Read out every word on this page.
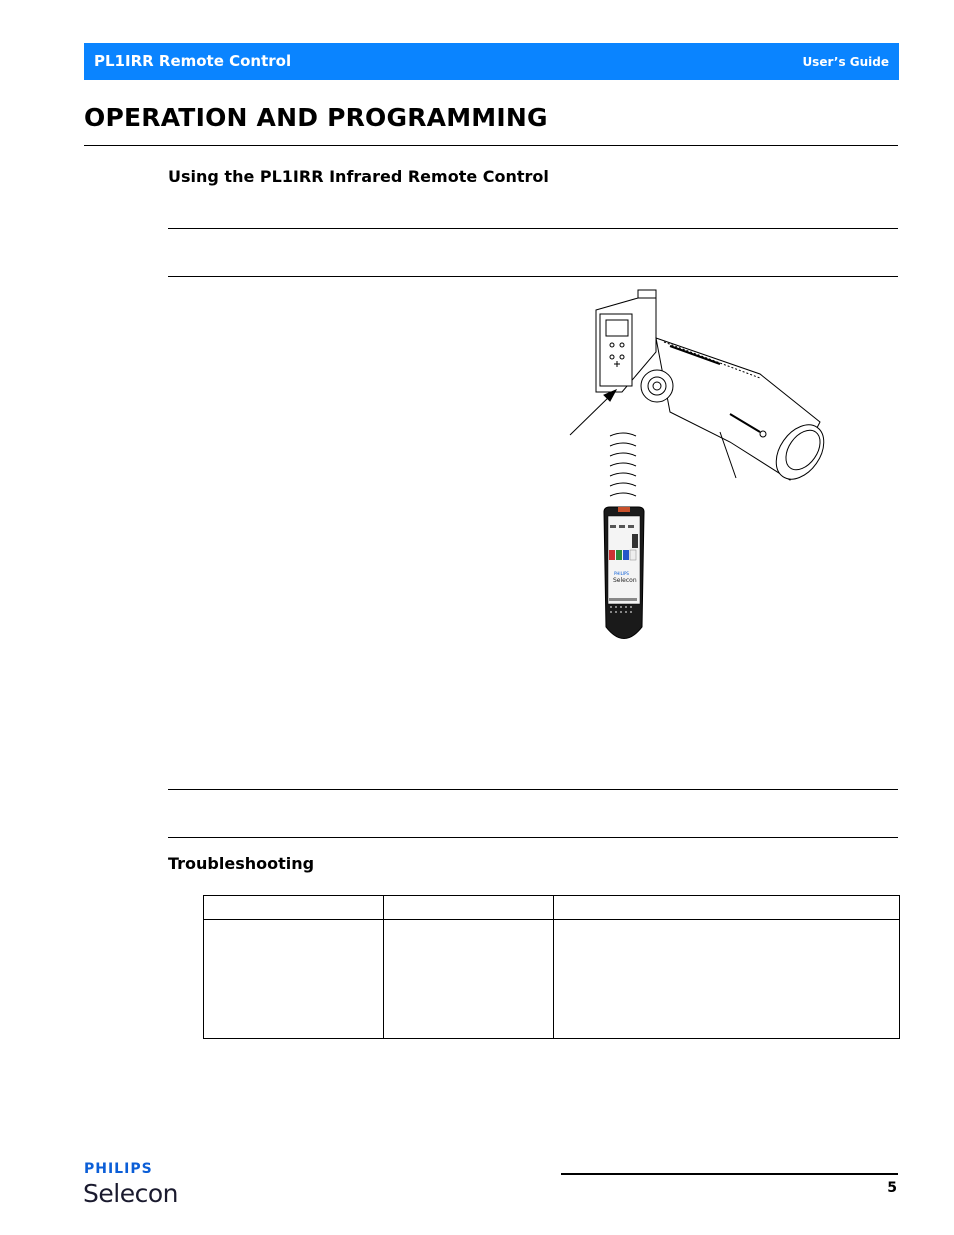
PL1IRR Remote Control	User’s Guide
OPERATION AND PROGRAMMING
Using the PL1IRR Infrared Remote Control
PHILIPS
Selecon
Troubleshooting

PHILIPS
Selecon	5
